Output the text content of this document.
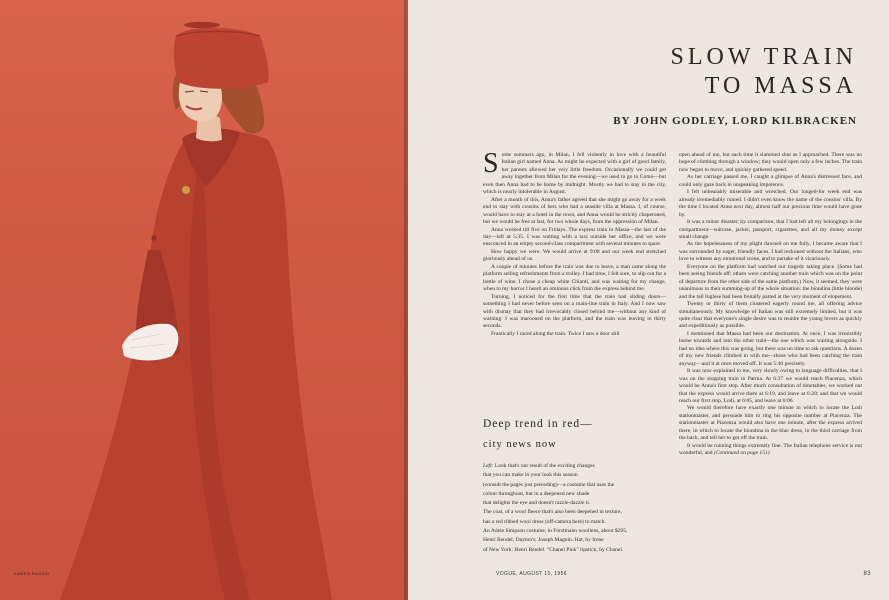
KAREN RADKAI
SLOW TRAIN
TO MASSA
BY JOHN GODLEY, LORD KILBRACKEN

Some summers ago, in Milan, I fell violently in love with a beautiful Italian girl named Anna. As might be expected with a girl of good family, her parents allowed her very little freedom. Occasionally we could get away together from Milan for the evening—we used to go to Como—but even then Anna had to be home by midnight. Mostly we had to stay in the city, which is nearly intolerable in August.

After a month of this, Anna's father agreed that she might go away for a week end to stay with cousins of hers who had a seaside villa at Massa. I, of course, would have to stay at a hotel in the town, and Anna would be strictly chaperoned, but we would be free at last, for two whole days, from the oppression of Milan.

Anna worked till five on Fridays. The express train to Massa—the last of the day—left at 5:35. I was waiting with a taxi outside her office, and we were ensconced in an empty second-class compartment with several minutes to spare.

How happy we were. We would arrive at 9:08 and our week end stretched gloriously ahead of us.

A couple of minutes before the train was due to leave, a man came along the platform selling refreshments from a trolley. I had time, I felt sure, to slip out for a bottle of wine. I chose a cheap white Chianti, and was waiting for my change, when to my horror I heard an ominous click from the express behind me.

Turning, I noticed for the first time that the train had sliding doors—something I had never before seen on a main-line train in Italy. And I now saw with dismay that they had irrevocably closed behind me—without any kind of warning: I was marooned on the platform, and the train was leaving in thirty seconds.

Frantically I raced along the train. Twice I saw a door still

Deep trend in red—
city news now

Left: Look that's our result of the exciting changes

that you can make in your look this season

(consult the pages just preceding)—a costume that uses the

colour throughout, but in a deepened new shade

that delights the eye and doesn't razzle-dazzle it.

The coat, of a wool fleece that's also been deepened in texture,

has a red ribbed wool dress (off-camera here) to match.

An Adele Simpson costume, in Forstmann woollens, about $295.

Henri Bendel; Dayton's; Joseph Magnin. Hat, by Irene

of New York: Henri Bendel. "Chanel Pink" lipstick, by Chanel.

open ahead of me, but each time it slammed shut as I approached. There was no hope of climbing through a window; they would open only a few inches. The train now began to move, and quickly gathered speed.

As her carriage passed me, I caught a glimpse of Anna's distressed face, and could only gaze back in unspeaking impotence.

I felt unbearably miserable and wretched. Our longed-for week end was already irremediably ruined. I didn't even know the name of the cousins' villa. By the time I located Anna next day, almost half our precious time would have gone by.

It was a minor disaster, by comparison, that I had left all my belongings in the compartment—suitcase, jacket, passport, cigarettes, and all my money except small change.

As the hopelessness of my plight dawned on me fully, I became aware that I was surrounded by eager, friendly faces. I had reckoned without the Italians, who love to witness any emotional scene, and to partake of it vicariously.

Everyone on the platform had watched our tragedy taking place. (Some had been seeing friends off; others were catching another train which was on the point of departure from the other side of the same platform.) Now, it seemed, they were unanimous in their summing-up of the whole situation: the biondina (little blonde) and the tall Inglese had been brutally parted at the very moment of elopement.

Twenty or thirty of them clustered eagerly round me, all offering advice simultaneously. My knowledge of Italian was still extremely limited, but it was quite clear that everyone's single desire was to reunite the young lovers as quickly and expeditiously as possible.

I mentioned that Massa had been our destination. At once, I was irresistibly borne towards and into the other train—the one which was waiting alongside. I had no idea where this was going, but there was no time to ask questions. A dozen of my new friends climbed in with me—those who had been catching the train anyway—and it at once moved off. It was 5:40 precisely.

It was now explained to me, very slowly owing to language difficulties, that I was on the stopping train to Parma. At 6:37 we would reach Piacenza, which would be Anna's first stop. After much consultation of timetables, we worked out that the express would arrive there at 6:19, and leave at 6:20; and that we would reach our first stop, Lodi, at 6:05, and leave at 6:06.

We would therefore have exactly one minute in which to locate the Lodi stationmaster, and persuade him to ring his opposite number at Piacenza. The stationmaster at Piacenza would also have one minute, after the express arrived there, in which to locate the biondina in the blue dress, in the third carriage from the back, and tell her to get off the train.

It would be running things extremely fine. The Italian telephone service is not wonderful, and (Continued on page 151)

VOGUE, AUGUST 15, 1956	83
